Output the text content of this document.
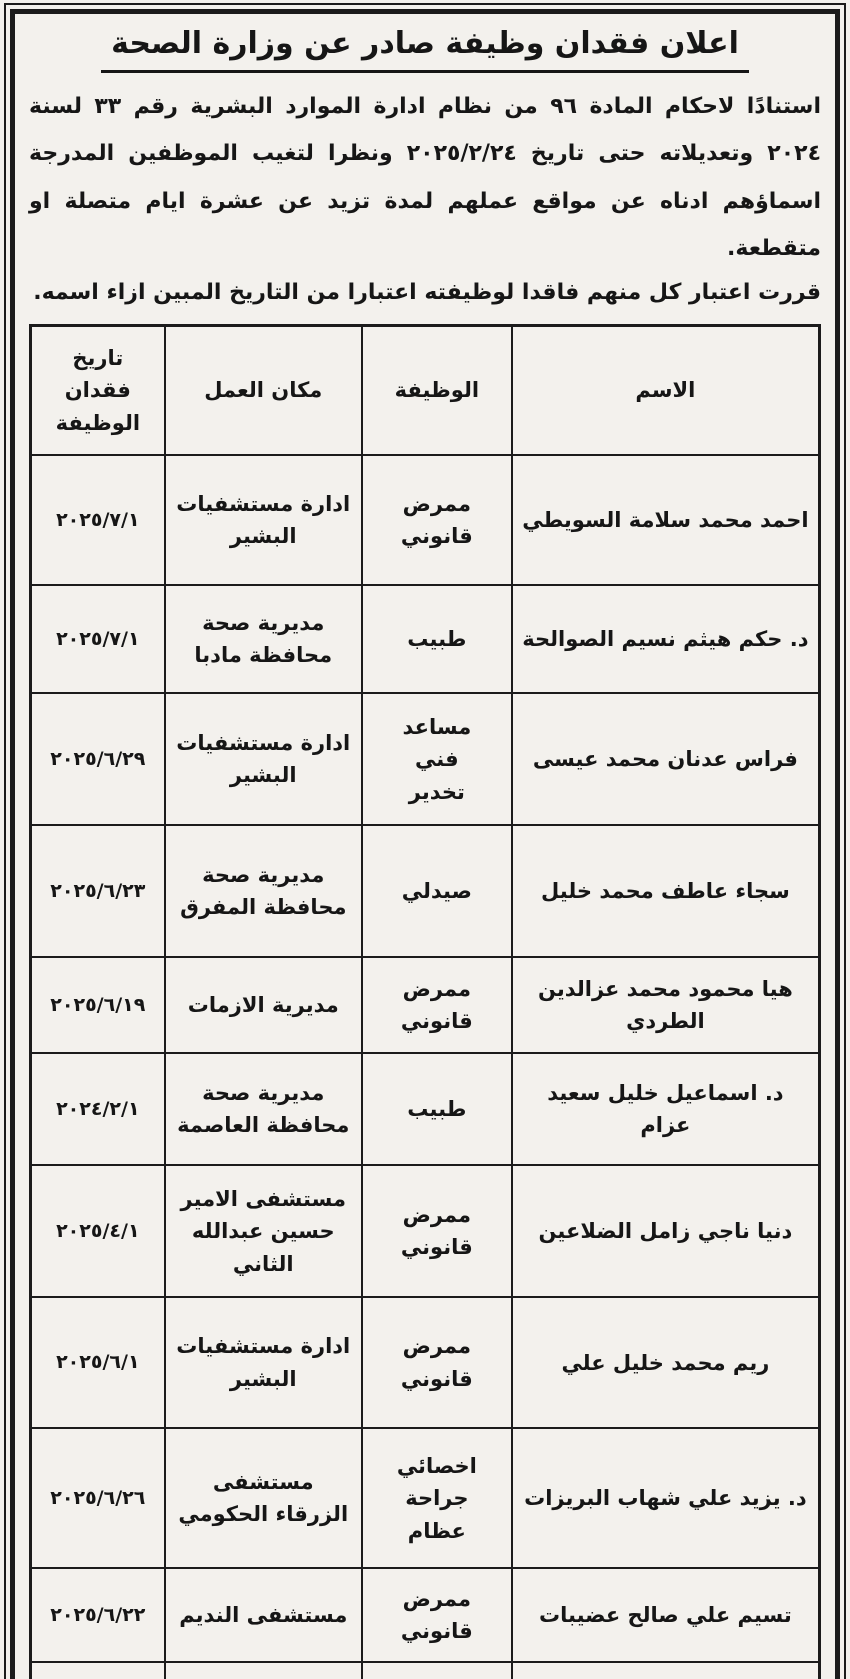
اعلان فقدان وظيفة صادر عن وزارة الصحة
استنادًا لاحكام المادة ٩٦ من نظام ادارة الموارد البشرية رقم ٣٣ لسنة
٢٠٢٤ وتعديلاته حتى تاريخ ٢٠٢٥/٢/٢٤ ونظرا لتغيب الموظفين المدرجة
اسماؤهم ادناه عن مواقع عملهم لمدة تزيد عن عشرة ايام متصلة او
متقطعة.
قررت اعتبار كل منهم فاقدا لوظيفته اعتبارا من التاريخ المبين ازاء اسمه.
الاسم	الوظيفة	مكان العمل	تاريخ فقدان الوظيفة
احمد محمد سلامة السويطي	ممرض قانوني	ادارة مستشفيات البشير	٢٠٢٥/٧/١
د. حكم هيثم نسيم الصوالحة	طبيب	مديرية صحة محافظة مادبا	٢٠٢٥/٧/١
فراس عدنان محمد عيسى	مساعد فني تخدير	ادارة مستشفيات البشير	٢٠٢٥/٦/٢٩
سجاء عاطف محمد خليل	صيدلي	مديرية صحة محافظة المفرق	٢٠٢٥/٦/٢٣
هيا محمود محمد عزالدين الطردي	ممرض قانوني	مديرية الازمات	٢٠٢٥/٦/١٩
د. اسماعيل خليل سعيد عزام	طبيب	مديرية صحة محافظة العاصمة	٢٠٢٤/٢/١
دنيا ناجي زامل الضلاعين	ممرض قانوني	مستشفى الامير حسين عبدالله الثاني	٢٠٢٥/٤/١
ريم محمد خليل علي	ممرض قانوني	ادارة مستشفيات البشير	٢٠٢٥/٦/١
د. يزيد علي شهاب البريزات	اخصائي جراحة عظام	مستشفى الزرقاء الحكومي	٢٠٢٥/٦/٢٦
تسيم علي صالح عضيبات	ممرض قانوني	مستشفى النديم	٢٠٢٥/٦/٢٢
